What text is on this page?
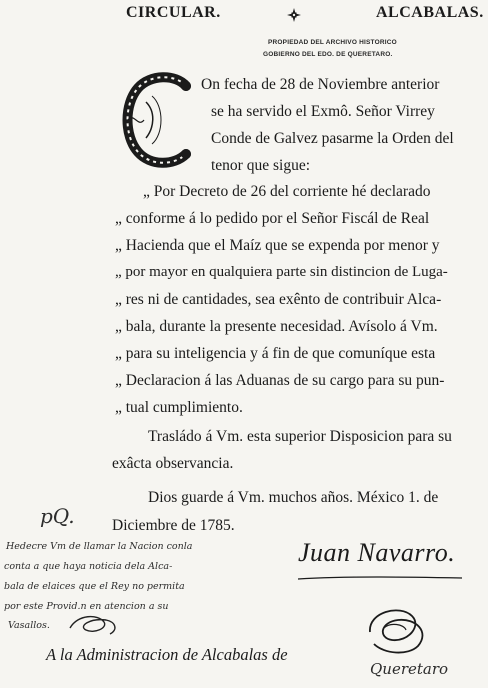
CIRCULAR.	ALCABALAS.
PROPIEDAD DEL ARCHIVO HISTORICO
GOBIERNO DEL EDO. DE QUERETARO.
On fecha de 28 de Noviembre anterior
se ha servido el Exmô. Señor Virrey
Conde de Galvez pasarme la Orden del
tenor que sigue:
„ Por Decreto de 26 del corriente hé declarado
„ conforme á lo pedido por el Señor Fiscál de Real
„ Hacienda que el Maíz que se expenda por menor y
„ por mayor en qualquiera parte sin distincion de Luga-
„ res ni de cantidades, sea exênto de contribuir Alca-
„ bala, durante la presente necesidad. Avísolo á Vm.
„ para su inteligencia y á fin de que comuníque esta
„ Declaracion á las Aduanas de su cargo para su pun-
„ tual cumplimiento.
Trasládo á Vm. esta superior Disposicion para su
exâcta observancia.
Dios guarde á Vm. muchos años. México 1. de
Diciembre de 1785.
pQ.
Hedecre Vm de llamar la Nacion conla
conta a que haya noticia dela Alca-
bala de elaices que el Rey no permita
por este Provid.n en atencion a su
Vasallos.
Juan Navarro.
A la Administracion de Alcabalas de
Queretaro
